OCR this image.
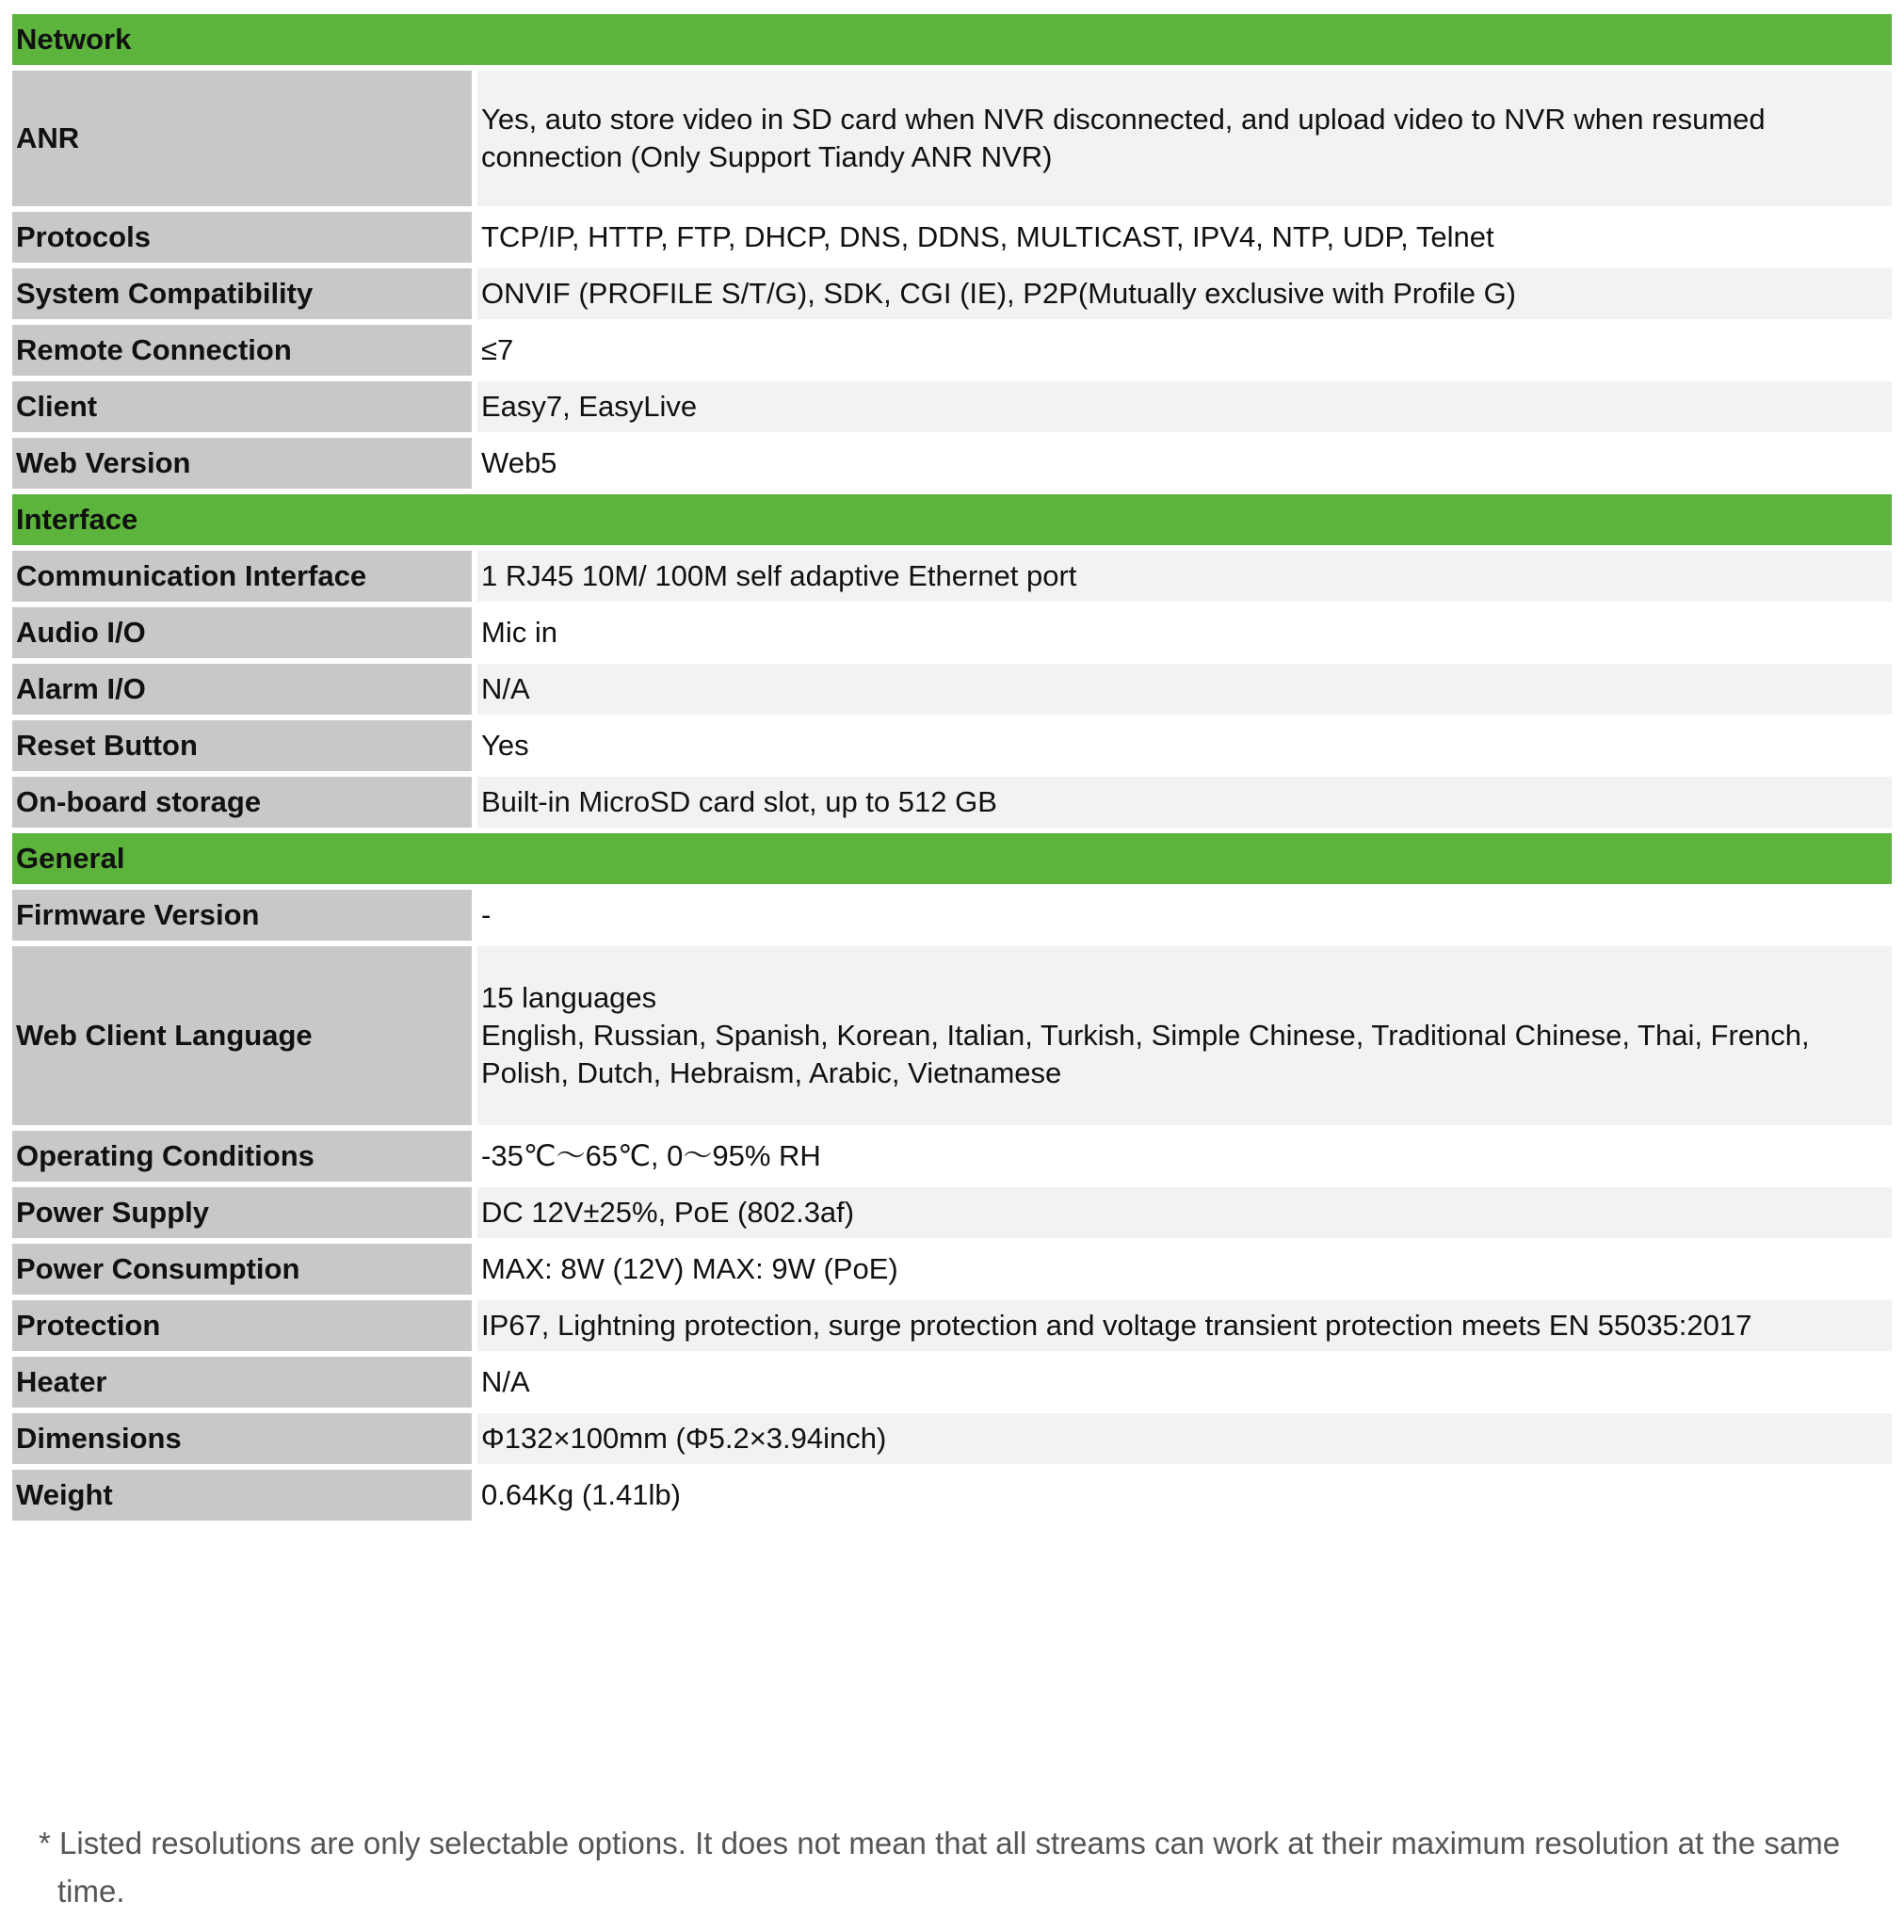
Network	
ANR	Yes, auto store video in SD card when NVR disconnected, and upload video to NVR when resumed connection (Only Support Tiandy ANR NVR)
Protocols	TCP/IP, HTTP, FTP, DHCP, DNS, DDNS, MULTICAST, IPV4, NTP, UDP, Telnet
System Compatibility	ONVIF (PROFILE S/T/G), SDK, CGI (IE), P2P(Mutually exclusive with Profile G)
Remote Connection	≤7
Client	Easy7, EasyLive
Web Version	Web5
Interface	
Communication Interface	1 RJ45 10M/ 100M self adaptive Ethernet port
Audio I/O	Mic in
Alarm I/O	N/A
Reset Button	Yes
On-board storage	Built-in MicroSD card slot, up to 512 GB
General	
Firmware Version	-
Web Client Language	15 languages
English, Russian, Spanish, Korean, Italian, Turkish, Simple Chinese, Traditional Chinese, Thai, French, Polish, Dutch, Hebraism, Arabic, Vietnamese

Operating Conditions	-35℃～65℃, 0～95% RH
Power Supply	DC 12V±25%, PoE (802.3af)
Power Consumption	MAX: 8W (12V) MAX: 9W (PoE)
Protection	IP67, Lightning protection, surge protection and voltage transient protection meets EN 55035:2017
Heater	N/A
Dimensions	Φ132×100mm (Φ5.2×3.94inch)
Weight	0.64Kg (1.41lb)
* Listed resolutions are only selectable options. It does not mean that all streams can work at their maximum resolution at the same time.
